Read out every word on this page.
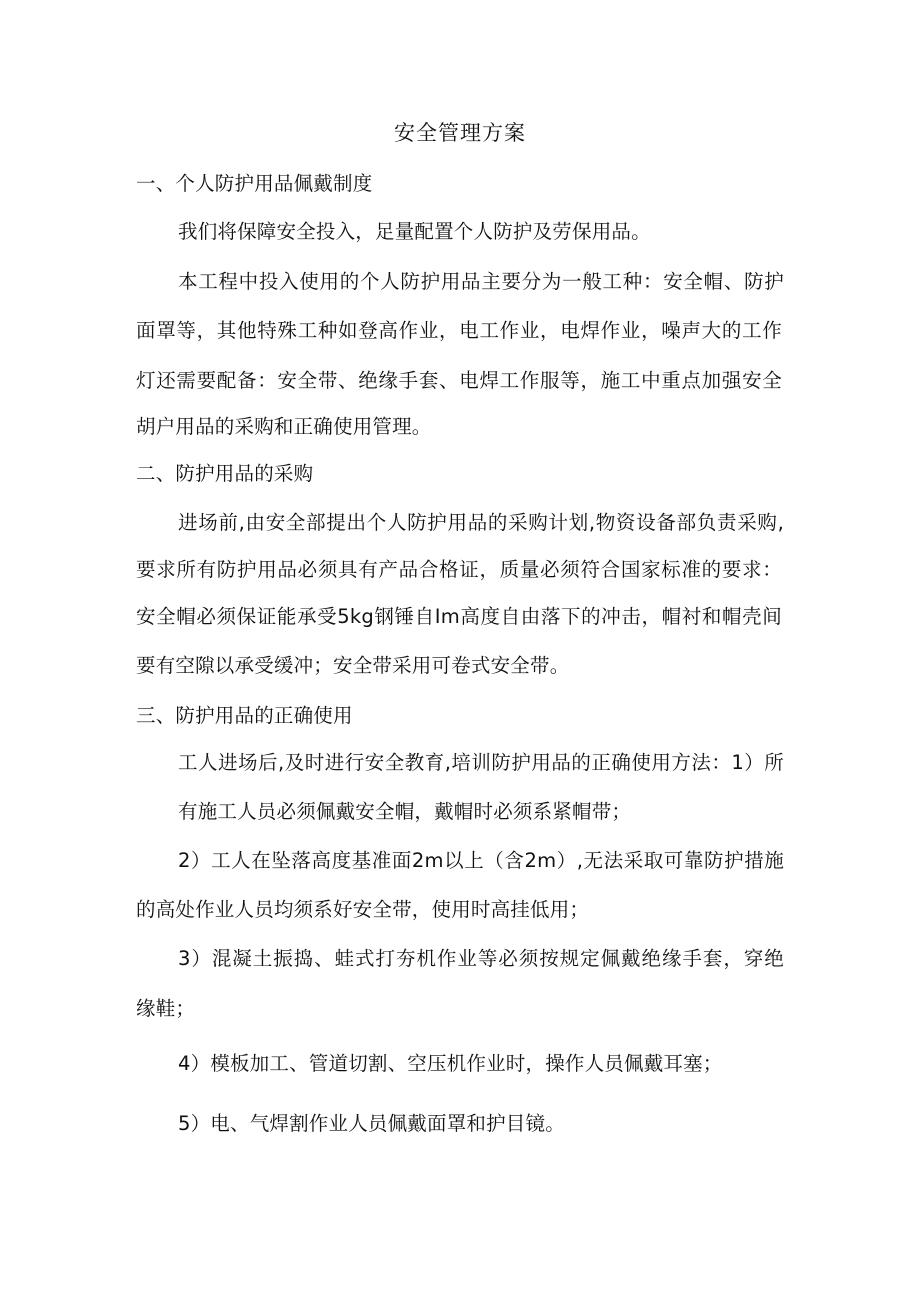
安全管理方案
一、个人防护用品佩戴制度
我们将保障安全投入，足量配置个人防护及劳保用品。
本工程中投入使用的个人防护用品主要分为一般工种：安全帽、防护
面罩等，其他特殊工种如登高作业，电工作业，电焊作业，噪声大的工作
灯还需要配备：安全带、绝缘手套、电焊工作服等，施工中重点加强安全
胡户用品的采购和正确使用管理。
二、防护用品的采购
进场前,由安全部提出个人防护用品的采购计划,物资设备部负责采购,
要求所有防护用品必须具有产品合格证，质量必须符合国家标准的要求：
安全帽必须保证能承受5kg钢锤自Im高度自由落下的冲击，帽衬和帽壳间
要有空隙以承受缓冲；安全带采用可卷式安全带。
三、防护用品的正确使用
工人进场后,及时进行安全教育,培训防护用品的正确使用方法：1）所
有施工人员必须佩戴安全帽，戴帽时必须系紧帽带；
2）工人在坠落高度基准面2m以上（含2m）,无法采取可靠防护措施
的高处作业人员均须系好安全带，使用时高挂低用；
3）混凝土振捣、蛙式打夯机作业等必须按规定佩戴绝缘手套，穿绝
缘鞋；
4）模板加工、管道切割、空压机作业时，操作人员佩戴耳塞；
5）电、气焊割作业人员佩戴面罩和护目镜。
